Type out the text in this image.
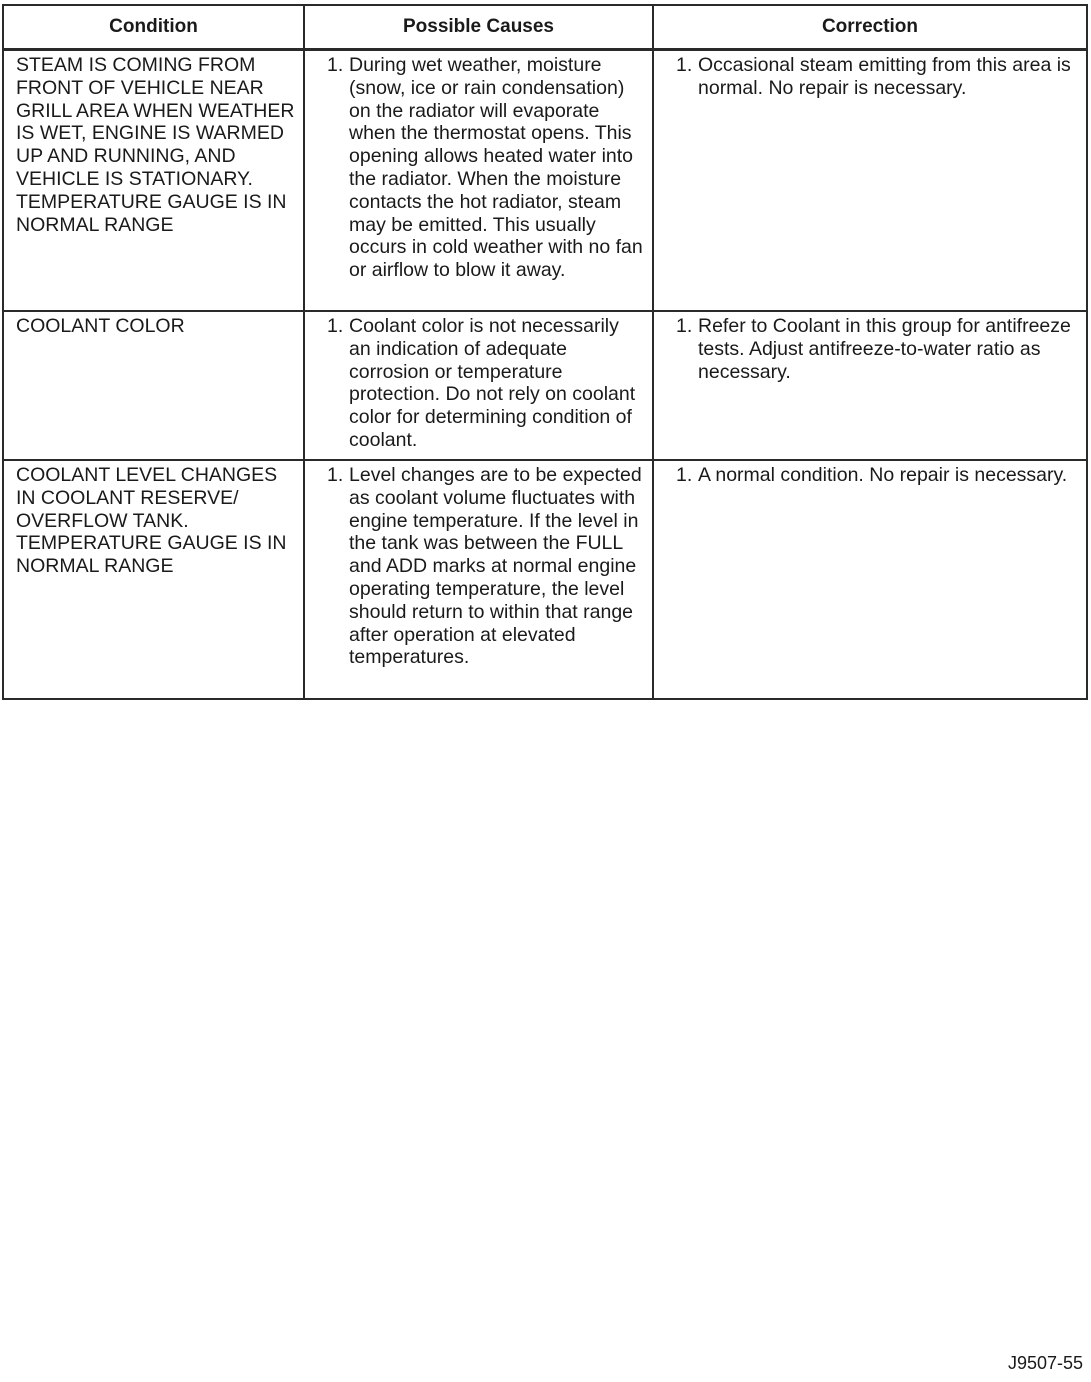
Condition	Possible Causes	Correction
STEAM IS COMING FROM FRONT OF VEHICLE NEAR GRILL AREA WHEN WEATHER IS WET, ENGINE IS WARMED UP AND RUNNING, AND VEHICLE IS STATIONARY. TEMPERATURE GAUGE IS IN NORMAL RANGE	1. During wet weather, moisture (snow, ice or rain condensation) on the radiator will evaporate when the thermostat opens. This opening allows heated water into the radiator. When the moisture contacts the hot radiator, steam may be emitted. This usually occurs in cold weather with no fan or airflow to blow it away.	1. Occasional steam emitting from this area is normal. No repair is necessary.

COOLANT COLOR	1. Coolant color is not necessarily an indication of adequate corrosion or temperature protection. Do not rely on coolant color for determining condition of coolant.	1. Refer to Coolant in this group for antifreeze tests. Adjust antifreeze-to-water ratio as necessary.

COOLANT LEVEL CHANGES IN COOLANT RESERVE/ OVERFLOW TANK. TEMPERATURE GAUGE IS IN NORMAL RANGE	1. Level changes are to be expected as coolant volume fluctuates with engine temperature. If the level in the tank was between the FULL and ADD marks at normal engine operating temperature, the level should return to within that range after operation at elevated temperatures.	1. A normal condition. No repair is necessary.
J9507-55
